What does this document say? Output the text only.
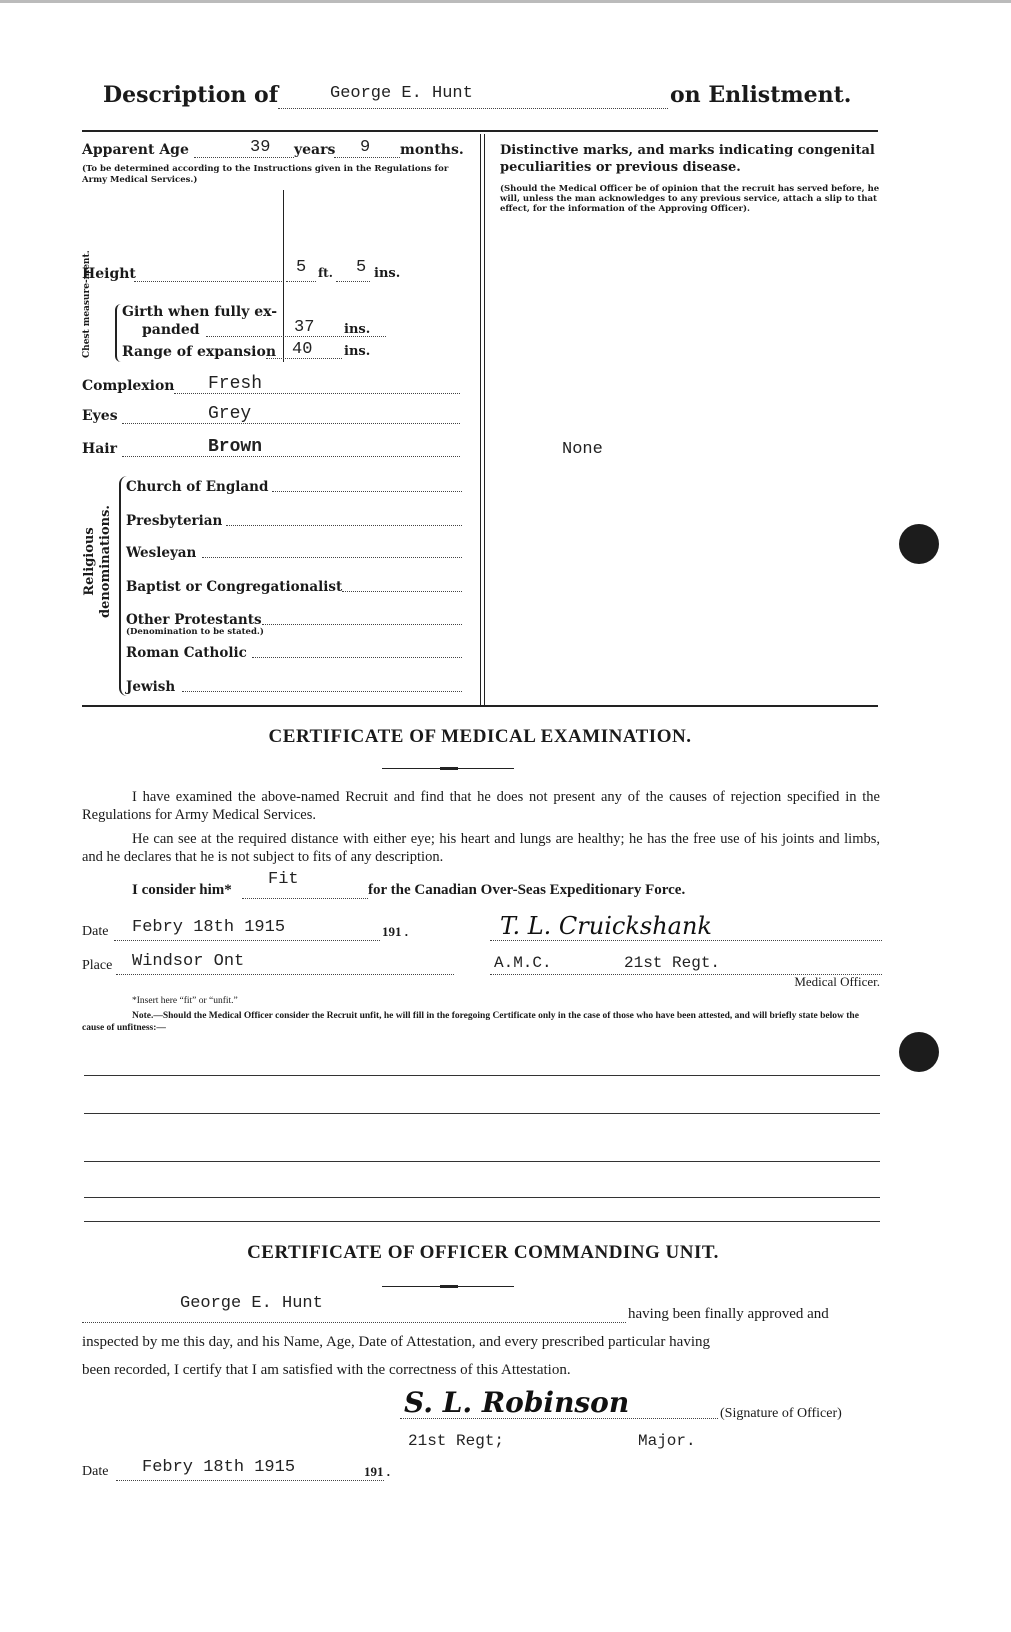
Description of	George E. Hunt	on Enlistment.
Apparent Age	39 years 9 months.
(To be determined according to the Instructions given in the Regulations for Army Medical Services.)
Height	5 ft. 5 ins.
Chest measure-ment. Girth when fully ex-
panded	37 ins.
Range of expansion 40 ins.
Complexion Fresh
Eyes	Grey
Hair	Brown
Religious denominations.
Church of England
Presbyterian
Wesleyan
Baptist or Congregationalist
Other Protestants
(Denomination to be stated.)
Roman Catholic
Jewish
Distinctive marks, and marks indicating congenital peculiarities or previous disease.
(Should the Medical Officer be of opinion that the recruit has served before, he will, unless the man acknowledges to any previous service, attach a slip to that effect, for the information of the Approving Officer).
None
CERTIFICATE OF MEDICAL EXAMINATION.
I have examined the above-named Recruit and find that he does not present any of the causes of rejection specified in the Regulations for Army Medical Services.
He can see at the required distance with either eye; his heart and lungs are healthy; he has the free use of his joints and limbs, and he declares that he is not subject to fits of any description.
I consider him*
Fit
for the Canadian Over-Seas Expeditionary Force.
Date Febry 18th 1915	191 .	T. L. Cruickshank
Place Windsor Ont	A.M.C.	21st Regt.
Medical Officer.
*Insert here “fit” or “unfit.”
Note.—Should the Medical Officer consider the Recruit unfit, he will fill in the foregoing Certificate only in the case of those who have been attested, and will briefly state below the cause of unfitness:—
CERTIFICATE OF OFFICER COMMANDING UNIT.
George E. Hunt
having been finally approved and
inspected by me this day, and his Name, Age, Date of Attestation, and every prescribed particular having
been recorded, I certify that I am satisfied with the correctness of this Attestation.
S. L. Robinson	(Signature of Officer)
21st Regt;	Major.
Date Febry 18th 1915	191 .
